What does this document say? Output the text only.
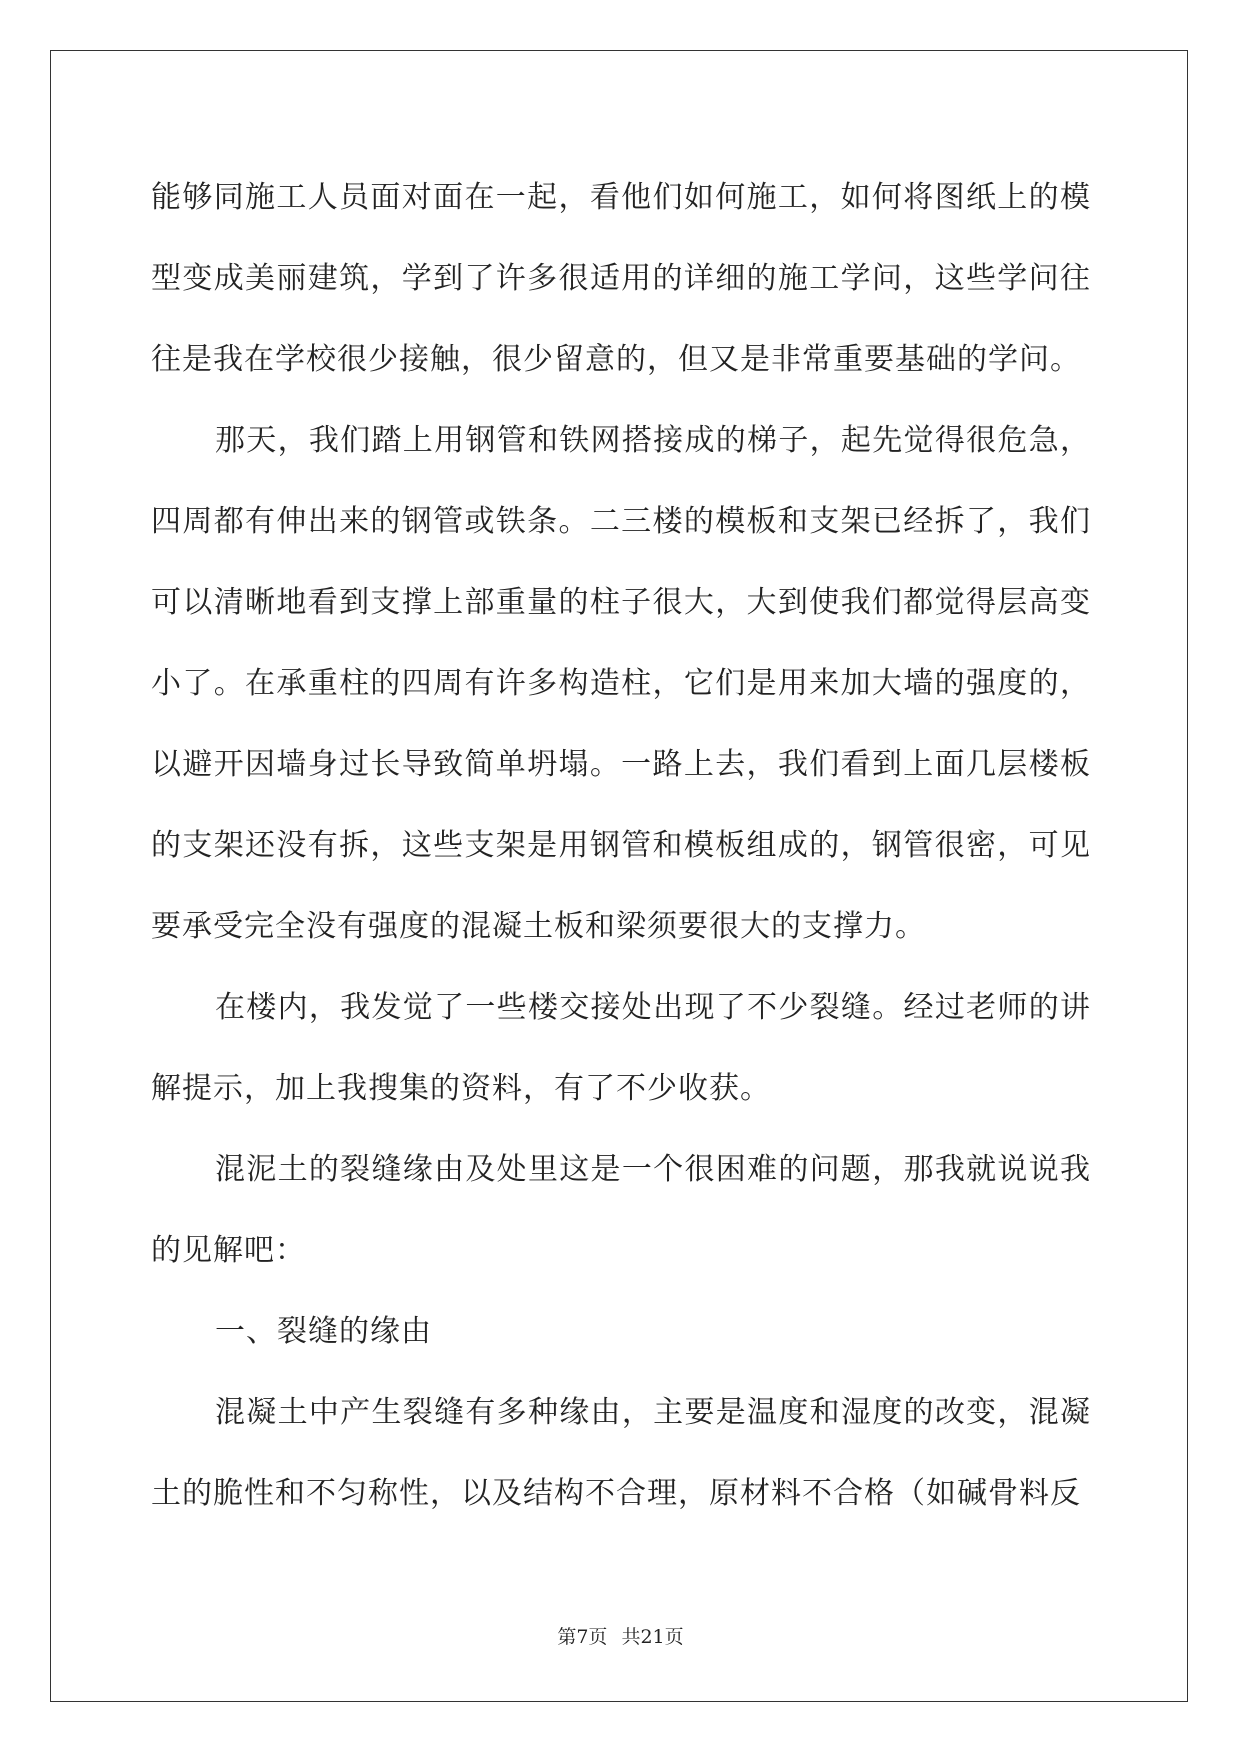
能够同施工人员面对面在一起，看他们如何施工，如何将图纸上的模型变成美丽建筑，学到了许多很适用的详细的施工学问，这些学问往往是我在学校很少接触，很少留意的，但又是非常重要基础的学问。

那天，我们踏上用钢管和铁网搭接成的梯子，起先觉得很危急，四周都有伸出来的钢管或铁条。二三楼的模板和支架已经拆了，我们可以清晰地看到支撑上部重量的柱子很大，大到使我们都觉得层高变小了。在承重柱的四周有许多构造柱，它们是用来加大墙的强度的，以避开因墙身过长导致简单坍塌。一路上去，我们看到上面几层楼板的支架还没有拆，这些支架是用钢管和模板组成的，钢管很密，可见要承受完全没有强度的混凝土板和梁须要很大的支撑力。

在楼内，我发觉了一些楼交接处出现了不少裂缝。经过老师的讲解提示，加上我搜集的资料，有了不少收获。

混泥土的裂缝缘由及处里这是一个很困难的问题，那我就说说我的见解吧：

一、裂缝的缘由

混凝土中产生裂缝有多种缘由，主要是温度和湿度的改变，混凝土的脆性和不匀称性，以及结构不合理，原材料不合格（如碱骨料反

第7页 共21页
